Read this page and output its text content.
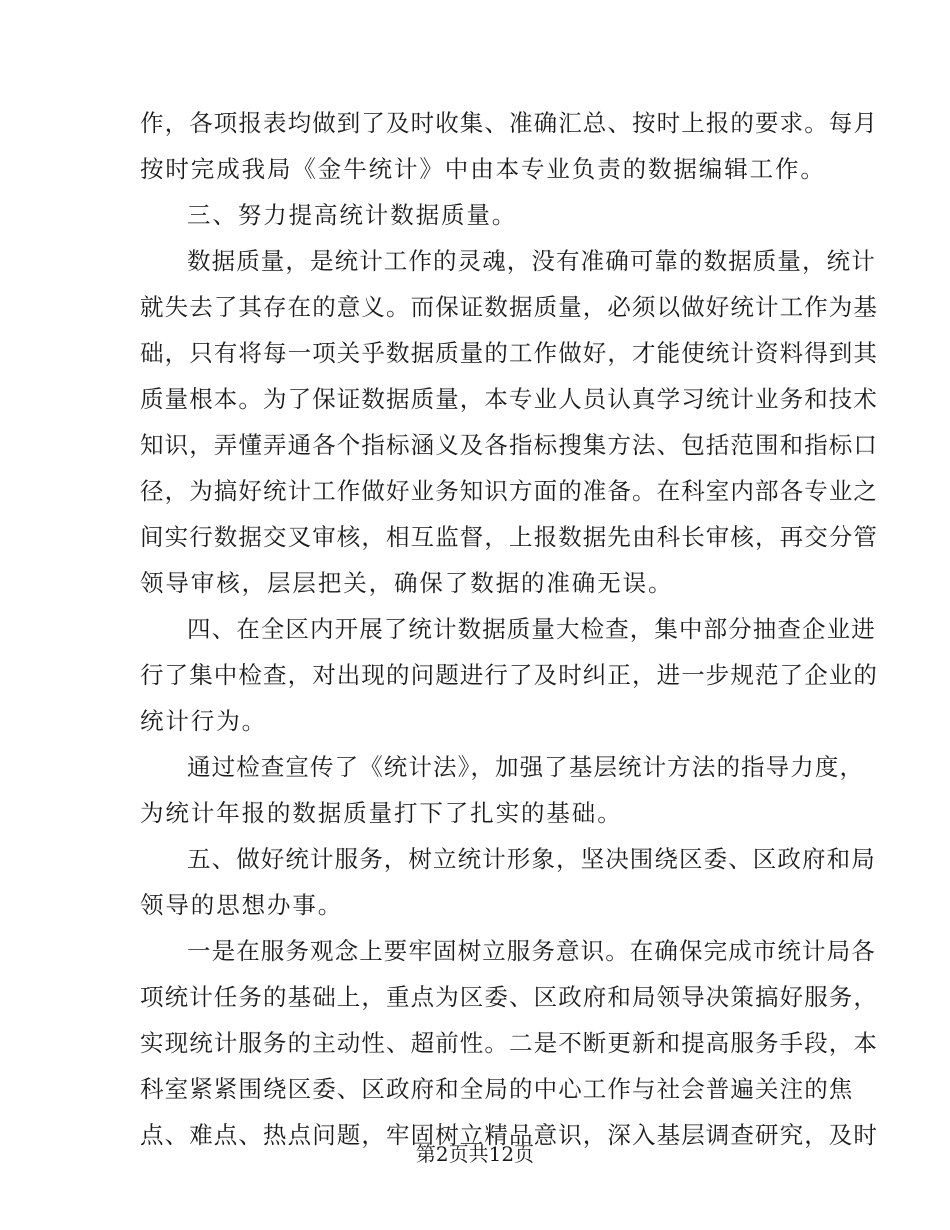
作，各项报表均做到了及时收集、准确汇总、按时上报的要求。每月
按时完成我局《金牛统计》中由本专业负责的数据编辑工作。
三、努力提高统计数据质量。
数据质量，是统计工作的灵魂，没有准确可靠的数据质量，统计
就失去了其存在的意义。而保证数据质量，必须以做好统计工作为基
础，只有将每一项关乎数据质量的工作做好，才能使统计资料得到其
质量根本。为了保证数据质量，本专业人员认真学习统计业务和技术
知识，弄懂弄通各个指标涵义及各指标搜集方法、包括范围和指标口
径，为搞好统计工作做好业务知识方面的准备。在科室内部各专业之
间实行数据交叉审核，相互监督，上报数据先由科长审核，再交分管
领导审核，层层把关，确保了数据的准确无误。
四、在全区内开展了统计数据质量大检查，集中部分抽查企业进
行了集中检查，对出现的问题进行了及时纠正，进一步规范了企业的
统计行为。
通过检查宣传了《统计法》，加强了基层统计方法的指导力度，
为统计年报的数据质量打下了扎实的基础。
五、做好统计服务，树立统计形象，坚决围绕区委、区政府和局
领导的思想办事。
一是在服务观念上要牢固树立服务意识。在确保完成市统计局各
项统计任务的基础上，重点为区委、区政府和局领导决策搞好服务，
实现统计服务的主动性、超前性。二是不断更新和提高服务手段，本
科室紧紧围绕区委、区政府和全局的中心工作与社会普遍关注的焦
点、难点、热点问题，牢固树立精品意识，深入基层调查研究，及时
第2页共12页
